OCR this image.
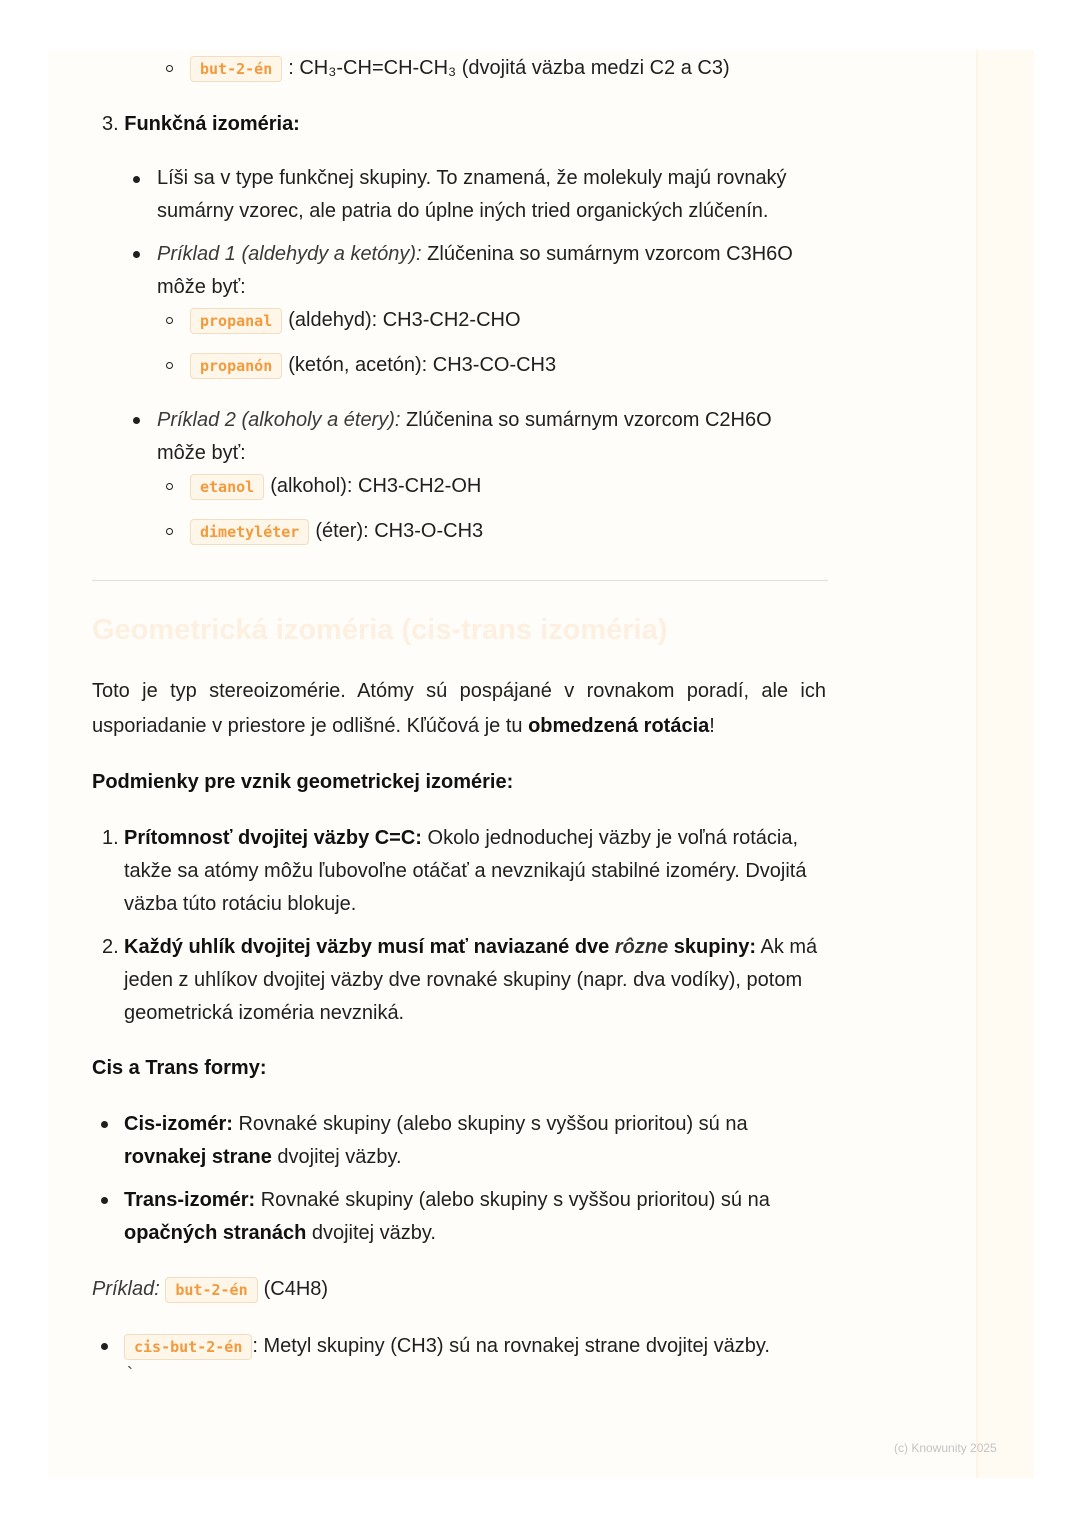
but-2-én : CH₃-CH=CH-CH₃ (dvojitá väzba medzi C2 a C3)
3. Funkčná izoméria:
Líši sa v type funkčnej skupiny. To znamená, že molekuly majú rovnaký
sumárny vzorec, ale patria do úplne iných tried organických zlúčenín.
Príklad 1 (aldehydy a ketóny): Zlúčenina so sumárnym vzorcom C3H6O
môže byť:
propanal (aldehyd): CH3-CH2-CHO
propanón (ketón, acetón): CH3-CO-CH3
Príklad 2 (alkoholy a étery): Zlúčenina so sumárnym vzorcom C2H6O
môže byť:
etanol (alkohol): CH3-CH2-OH
dimetyléter (éter): CH3-O-CH3
Geometrická izoméria (cis-trans izoméria)
Toto je typ stereoizomérie. Atómy sú pospájané v rovnakom poradí, ale ich usporiadanie v priestore je odlišné. Kľúčová je tu obmedzená rotácia!
Podmienky pre vznik geometrickej izomérie:
1. Prítomnosť dvojitej väzby C=C: Okolo jednoduchej väzby je voľná rotácia, takže sa atómy môžu ľubovoľne otáčať a nevznikajú stabilné izoméry. Dvojitá väzba túto rotáciu blokuje.
2. Každý uhlík dvojitej väzby musí mať naviazané dve rôzne skupiny: Ak má jeden z uhlíkov dvojitej väzby dve rovnaké skupiny (napr. dva vodíky), potom geometrická izoméria nevzniká.
Cis a Trans formy:
Cis-izomér: Rovnaké skupiny (alebo skupiny s vyššou prioritou) sú na
rovnakej strane dvojitej väzby.
Trans-izomér: Rovnaké skupiny (alebo skupiny s vyššou prioritou) sú na
opačných stranách dvojitej väzby.
Príklad: but-2-én (C4H8)
cis-but-2-én : Metyl skupiny (CH3) sú na rovnakej strane dvojitej väzby.
`
(c) Knowunity 2025
